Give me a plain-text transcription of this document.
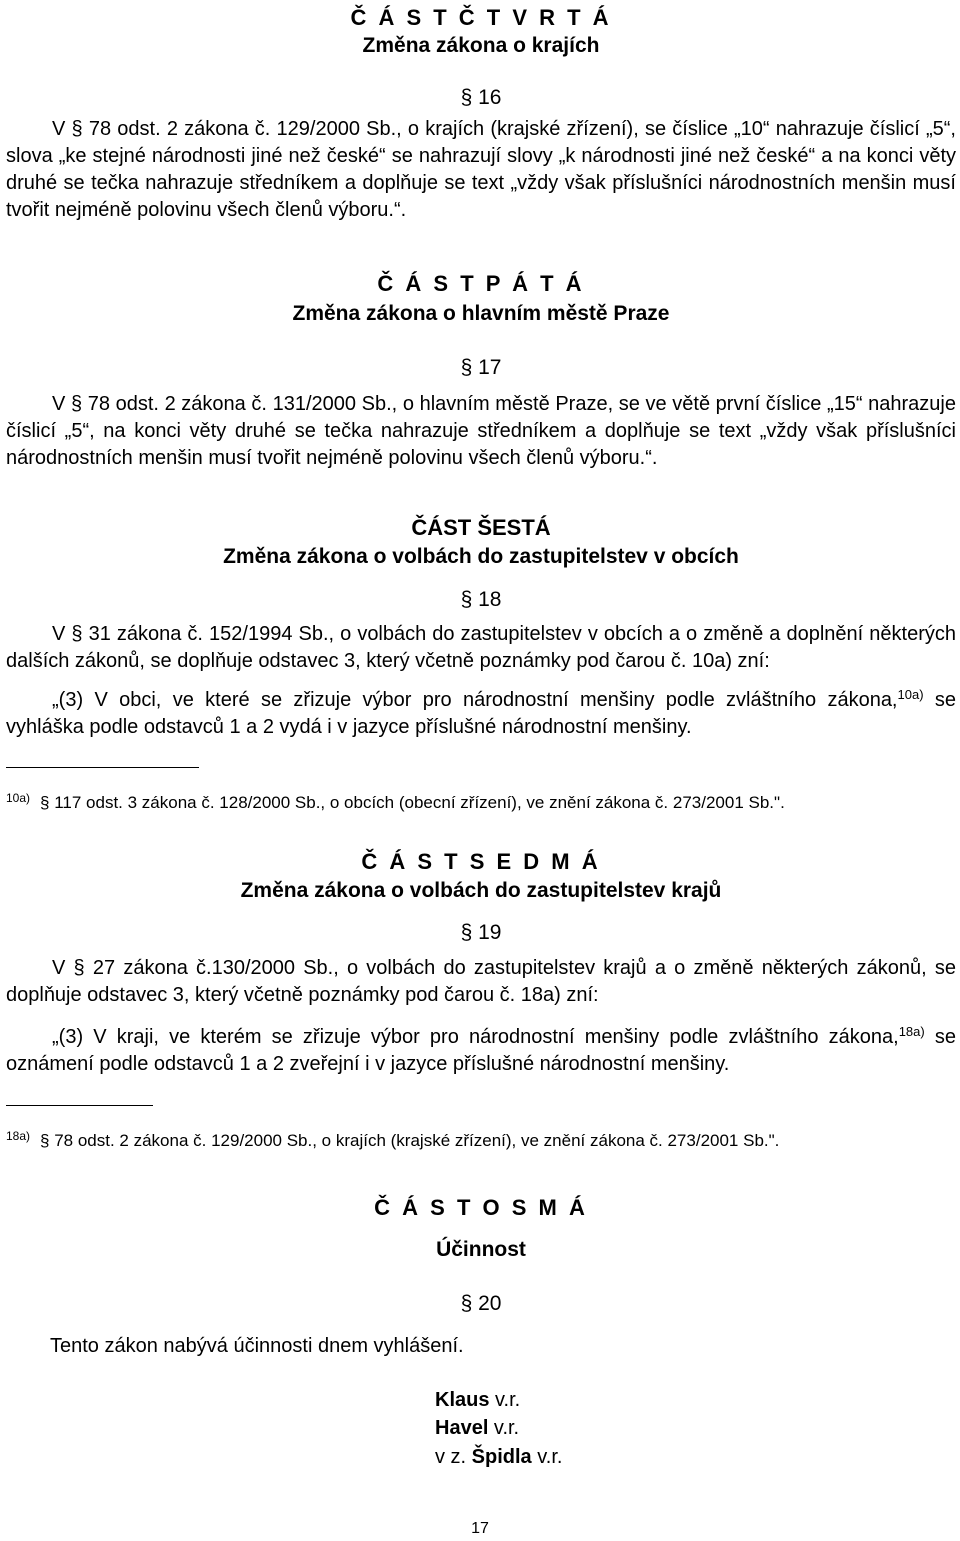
Č Á S T Č T V R T Á
Změna zákona o krajích
§ 16
V § 78 odst. 2 zákona č. 129/2000 Sb., o krajích (krajské zřízení), se číslice „10“ nahrazuje číslicí „5“, slova „ke stejné národnosti jiné než české“ se nahrazují slovy „k národnosti jiné než české“ a na konci věty druhé se tečka nahrazuje středníkem a doplňuje se text „vždy však příslušníci národnostních menšin musí tvořit nejméně polovinu všech členů výboru.“.
Č Á S T P Á T Á
Změna zákona o hlavním městě Praze
§ 17
V § 78 odst. 2 zákona č. 131/2000 Sb., o hlavním městě Praze, se ve větě první číslice „15“ nahrazuje číslicí „5“, na konci věty druhé se tečka nahrazuje středníkem a doplňuje se text „vždy však příslušníci národnostních menšin musí tvořit nejméně polovinu všech členů výboru.“.
ČÁST ŠESTÁ
Změna zákona o volbách do zastupitelstev v obcích
§ 18
V § 31 zákona č. 152/1994 Sb., o volbách do zastupitelstev v obcích a o změně a doplnění některých dalších zákonů, se doplňuje odstavec 3, který včetně poznámky pod čarou č. 10a) zní:
„(3) V obci, ve které se zřizuje výbor pro národnostní menšiny podle zvláštního zákona,$^{10a)}$ se vyhláška podle odstavců 1 a 2 vydá i v jazyce příslušné národnostní menšiny.
$^{10a)}$ § 117 odst. 3 zákona č. 128/2000 Sb., o obcích (obecní zřízení), ve znění zákona č. 273/2001 Sb.".
Č Á S T S E D M Á
Změna zákona o volbách do zastupitelstev krajů
§ 19
V § 27 zákona č.130/2000 Sb., o volbách do zastupitelstev krajů a o změně některých zákonů, se doplňuje odstavec 3, který včetně poznámky pod čarou č. 18a) zní:
„(3) V kraji, ve kterém se zřizuje výbor pro národnostní menšiny podle zvláštního zákona,$^{18a)}$ se oznámení podle odstavců 1 a 2 zveřejní i v jazyce příslušné národnostní menšiny.
$^{18a)}$ § 78 odst. 2 zákona č. 129/2000 Sb., o krajích (krajské zřízení), ve znění zákona č. 273/2001 Sb.".
Č Á S T O S M Á
Účinnost
§ 20
Tento zákon nabývá účinnosti dnem vyhlášení.
Klaus v.r.
Havel v.r.
v z. Špidla v.r.
17
